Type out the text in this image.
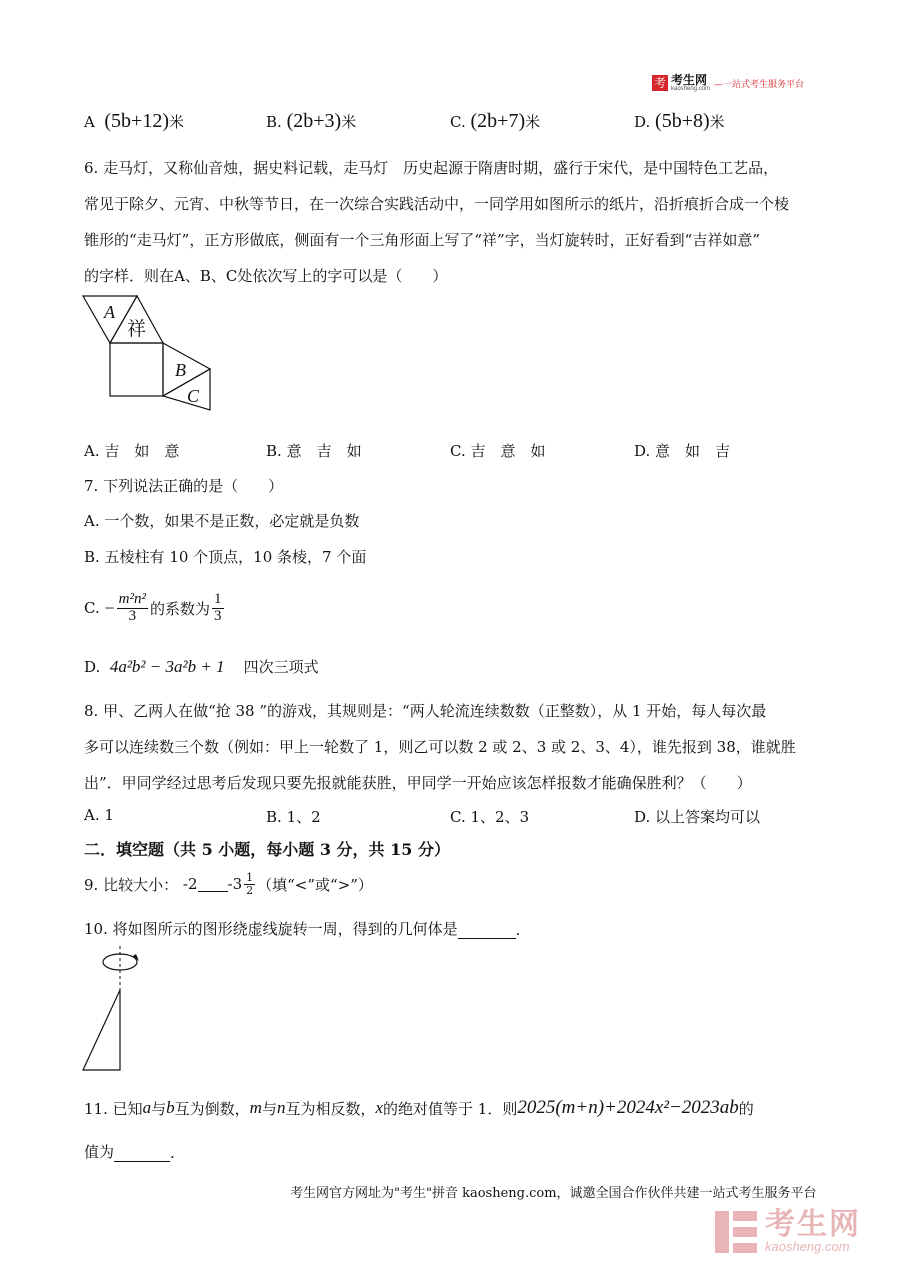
考 考生网
kaosheng.com —一站式考生服务平台
A (5b+12)米	B. (2b+3)米	C. (2b+7)米	D. (5b+8)米
6. 走马灯，又称仙音烛，据史料记载，走马灯　历史起源于隋唐时期，盛行于宋代，是中国特色工艺品，
常见于除夕、元宵、中秋等节日，在一次综合实践活动中，一同学用如图所示的纸片，沿折痕折合成一个棱
锥形的“走马灯”，正方形做底，侧面有一个三角形面上写了“祥”字，当灯旋转时，正好看到“吉祥如意”
的字样．则在A、B、C处依次写上的字可以是（　　）
A
祥
B
C
A. 吉　如　意	B. 意　吉　如	C. 吉　意　如	D. 意　如　吉
7. 下列说法正确的是（　　）
A. 一个数，如果不是正数，必定就是负数
B. 五棱柱有 10 个顶点，10 条棱，7 个面
C.
− $\frac{\text{m²n²}}{3}$ 的系数为 $\frac{1}{3}$
D. 4a²b² − 3a²b + 1 四次三项式
8. 甲、乙两人在做“抢 38 ”的游戏，其规则是：“两人轮流连续数数（正整数），从 1 开始，每人每次最
多可以连续数三个数（例如：甲上一轮数了 1，则乙可以数 2 或 2、3 或 2、3、4），谁先报到 38，谁就胜
出”．甲同学经过思考后发现只要先报就能获胜，甲同学一开始应该怎样报数才能确保胜利？（　　）
A. 1	B. 1、2	C. 1、2、3	D. 以上答案均可以
二．填空题（共 5 小题，每小题 3 分，共 15 分）
9. 比较大小：
-2 $-3 \frac{1}{2}$ （填“<”或“>”）
10. 将如图所示的图形绕虚线旋转一周，得到的几何体是	.
11. 已知 a 与 b 互为倒数， m 与 n 互为相反数， x 的绝对值等于 1．则 2025(m+n)+2024x²−2023ab 的
值为	.
考生网官方网址为"考生"拼音 kaosheng.com，诚邀全国合作伙伴共建一站式考生服务平台
考生网
kaosheng.com
